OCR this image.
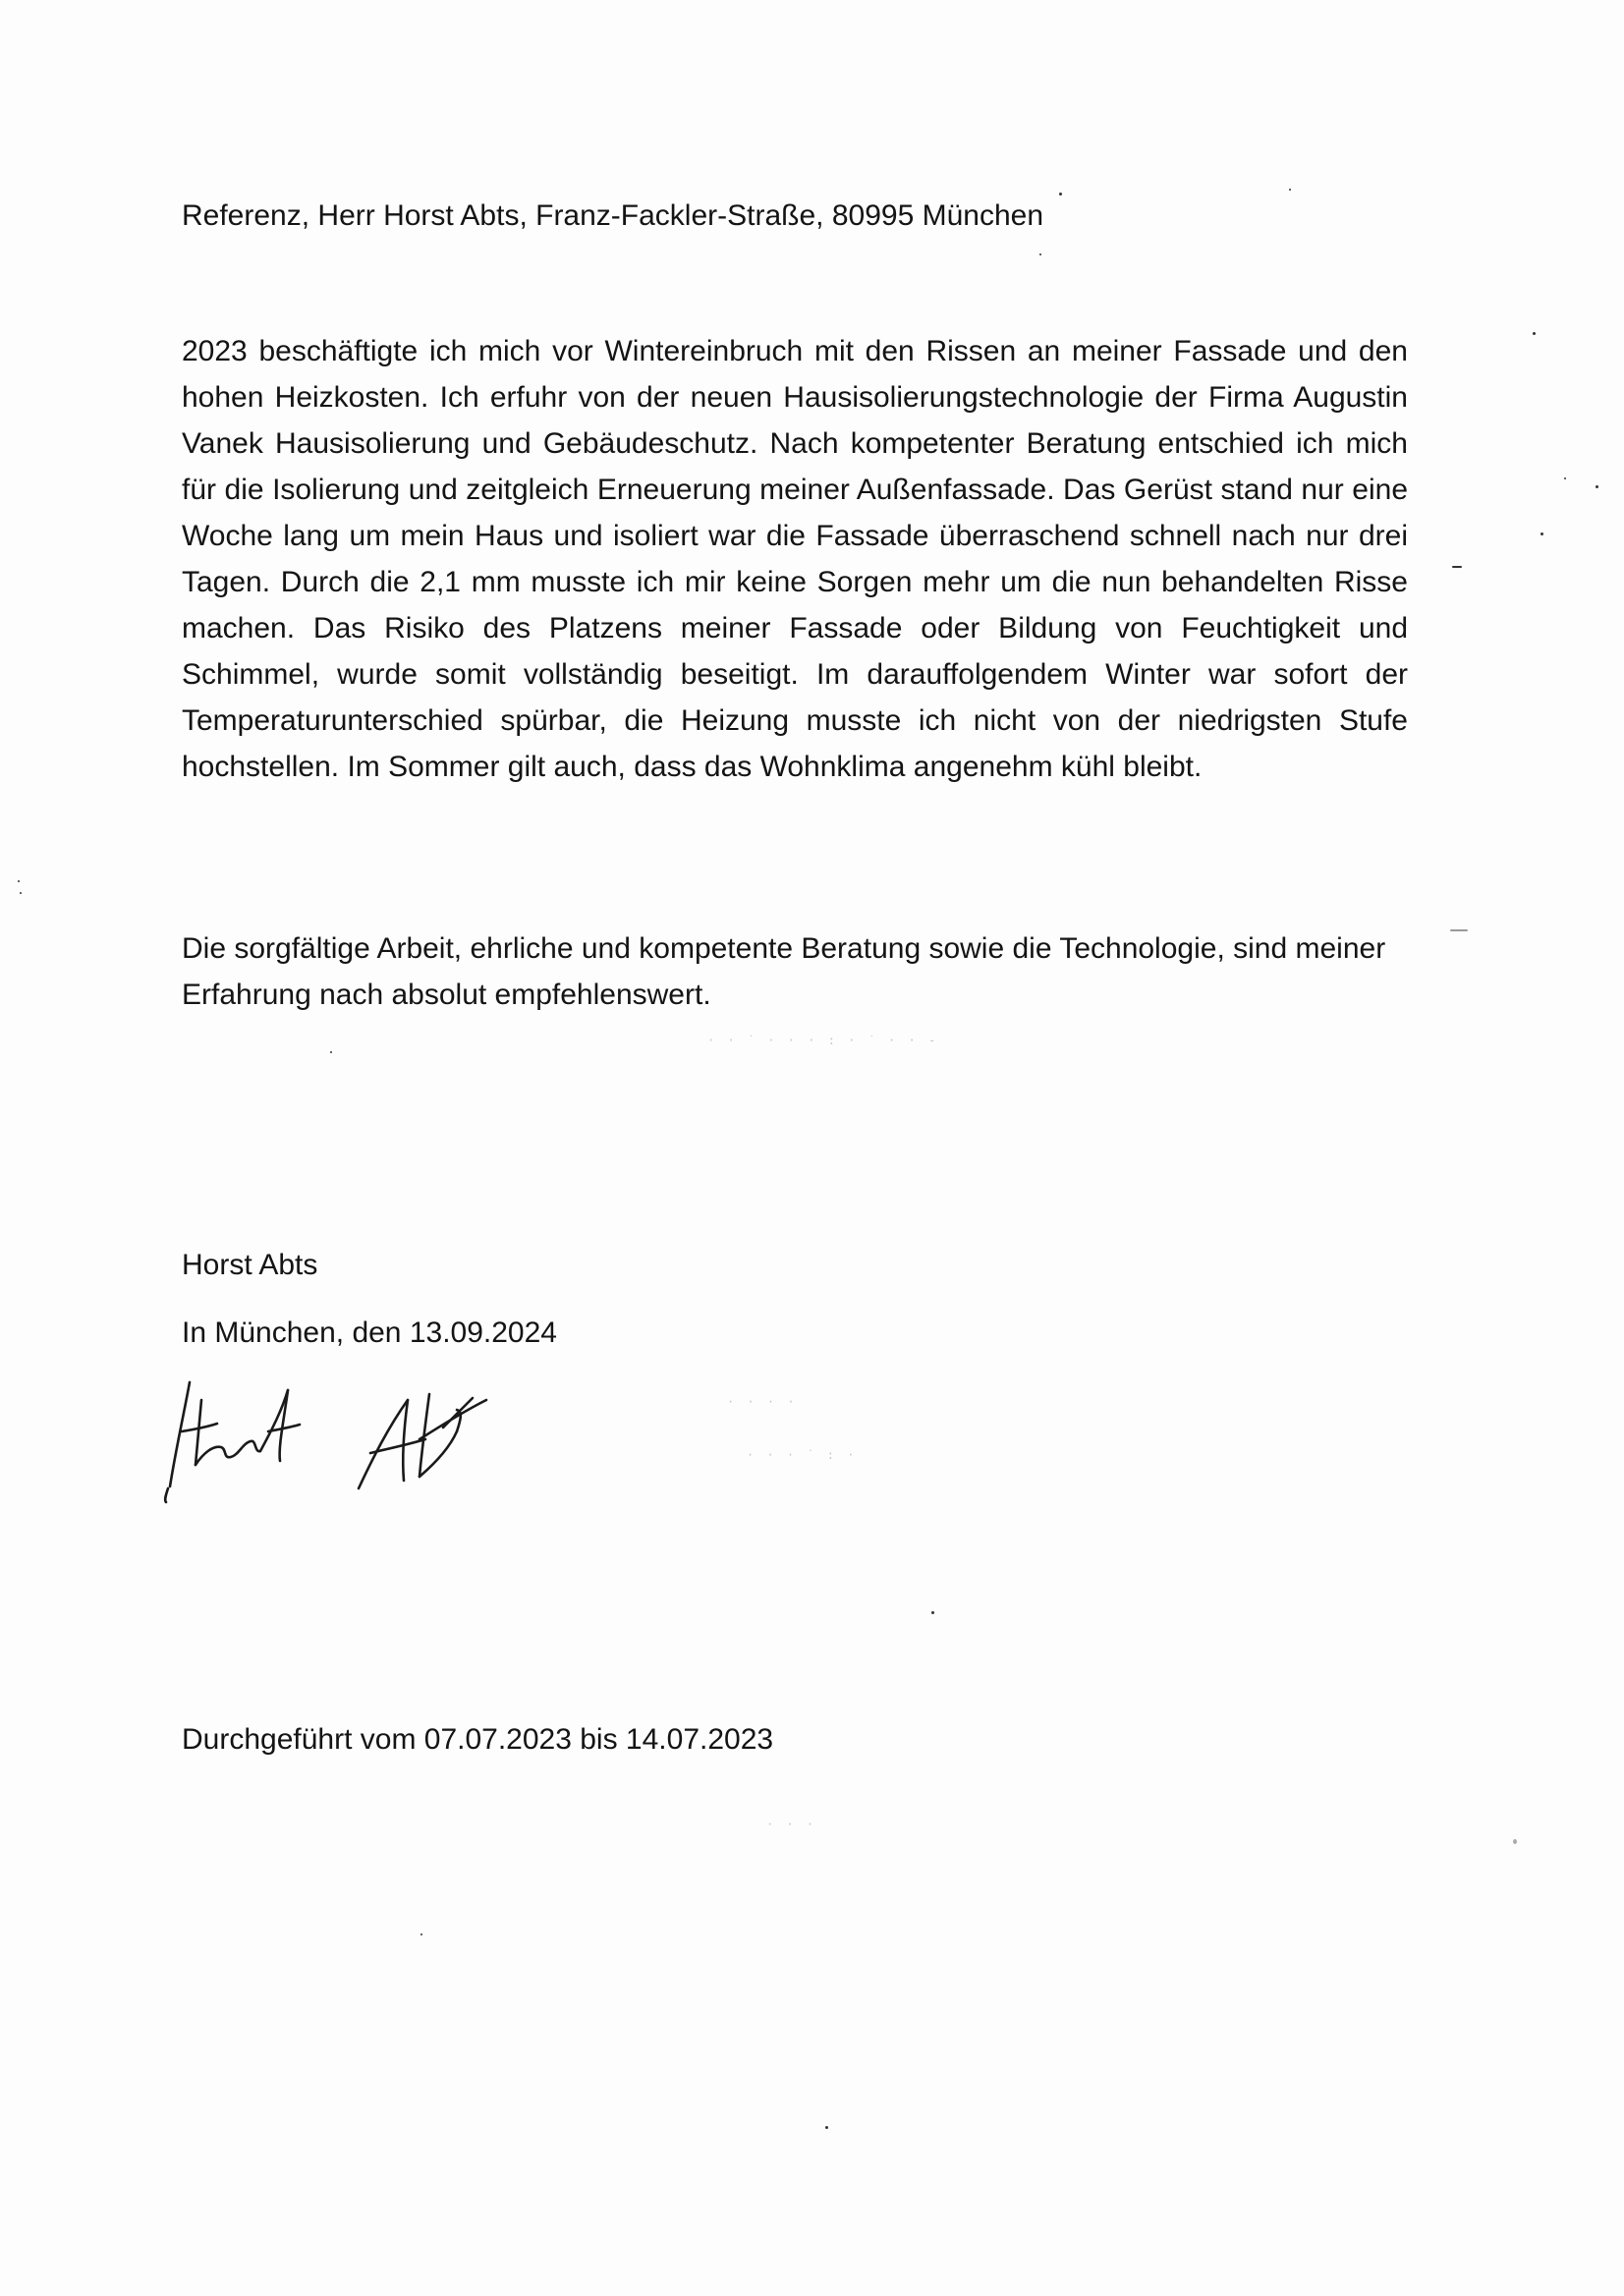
Referenz, Herr Horst Abts, Franz-Fackler-Straße, 80995 München
2023 beschäftigte ich mich vor Wintereinbruch mit den Rissen an meiner Fassade und den hohen Heizkosten. Ich erfuhr von der neuen Hausisolierungstechnologie der Firma Augustin Vanek Hausisolierung und Gebäudeschutz. Nach kompetenter Beratung entschied ich mich für die Isolierung und zeitgleich Erneuerung meiner Außenfassade. Das Gerüst stand nur eine Woche lang um mein Haus und isoliert war die Fassade überraschend schnell nach nur drei Tagen. Durch die 2,1 mm musste ich mir keine Sorgen mehr um die nun behandelten Risse machen. Das Risiko des Platzens meiner Fassade oder Bildung von Feuchtigkeit und Schimmel, wurde somit vollständig beseitigt. Im darauffolgendem Winter war sofort der Temperaturunterschied spürbar, die Heizung musste ich nicht von der niedrigsten Stufe hochstellen. Im Sommer gilt auch, dass das Wohnklima angenehm kühl bleibt.
Die sorgfältige Arbeit, ehrliche und kompetente Beratung sowie die Technologie, sind meiner Erfahrung nach absolut empfehlenswert.
Horst Abts
In München, den 13.09.2024
Durchgeführt vom 07.07.2023 bis 14.07.2023
· · ˙ · · · : · ˙ · · -
· · · ·
· · · ˙ : ·
· · ·
